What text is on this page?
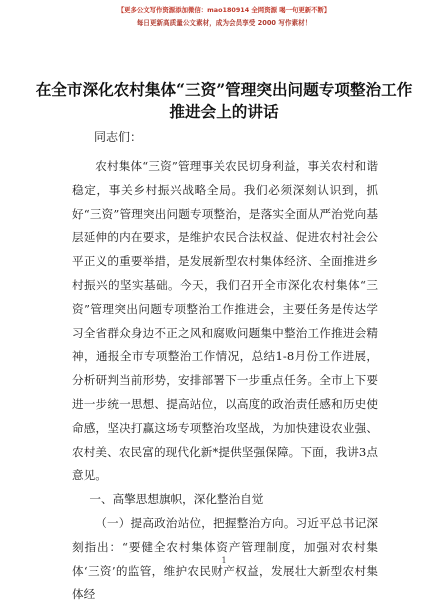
【更多公文写作资源添加微信：mao180914 全网资源 喝一句更新不断】
每日更新高质量公文素材，成为会员享受 2000 写作素材！
在全市深化农村集体“三资”管理突出问题专项整治工作推进会上的讲话
同志们：

农村集体“三资”管理事关农民切身利益，事关农村和谐稳定，事关乡村振兴战略全局。我们必须深刻认识到，抓好“三资”管理突出问题专项整治，是落实全面从严治党向基层延伸的内在要求，是维护农民合法权益、促进农村社会公平正义的重要举措，是发展新型农村集体经济、全面推进乡村振兴的坚实基础。今天，我们召开全市深化农村集体“三资”管理突出问题专项整治工作推进会，主要任务是传达学习全省群众身边不正之风和腐败问题集中整治工作推进会精神，通报全市专项整治工作情况，总结1-8月份工作进展，分析研判当前形势，安排部署下一步重点任务。全市上下要进一步统一思想、提高站位，以高度的政治责任感和历史使命感，坚决打赢这场专项整治攻坚战，为加快建设农业强、农村美、农民富的现代化新*提供坚强保障。下面，我讲3点意见。

一、高擎思想旗帜，深化整治自觉

（一）提高政治站位，把握整治方向。习近平总书记深刻指出：“要健全农村集体资产管理制度，加强对农村集体‘三资’的监管，维护农民财产权益，发展壮大新型农村集体经

1
